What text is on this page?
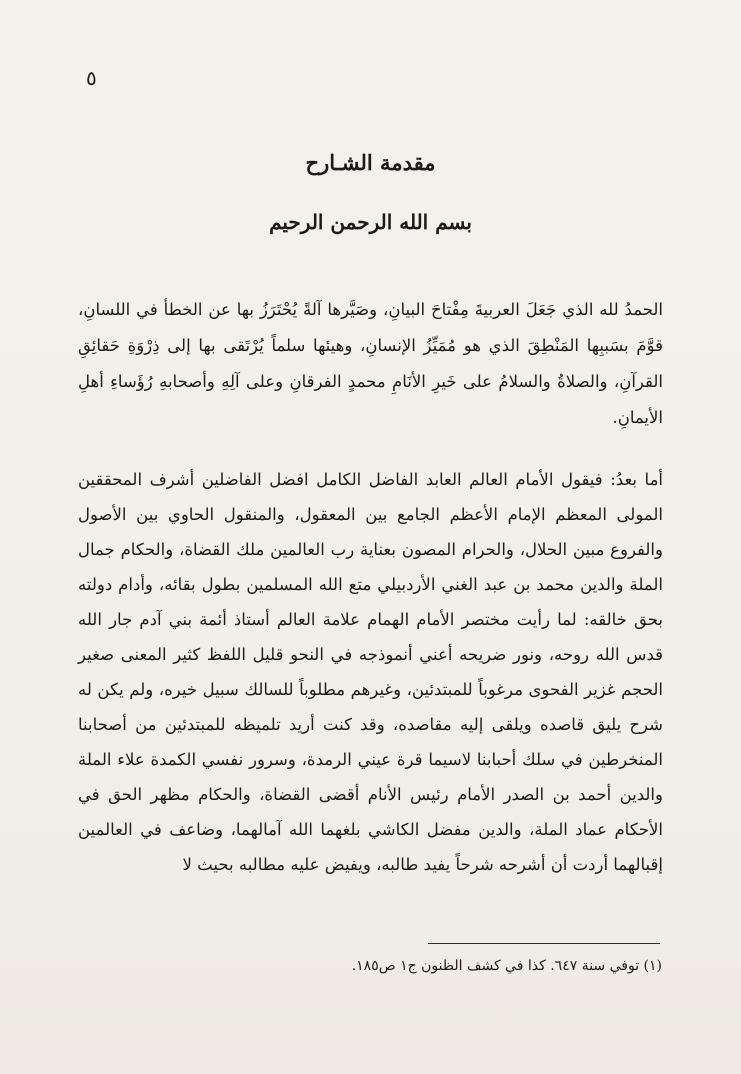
٥
مقدمة الشـارح
بسم الله الرحمن الرحيم

الحمدُ لله الذي جَعَلَ العربيةَ مِفْتاحَ البيانِ، وصَيَّرها آلةً يُحْتَرَزُ بها عن الخطأ في اللسانِ، قوَّمَ بسَببِها المَنْطِقَ الذي هو مُمَيِّزُ الإنسانِ، وهيئها سلماً يُرْتَقى بها إلى ذِرْوَةِ حَقائِقِ القرآنِ، والصلاةُ والسلامُ على خَيرِ الأنَامِ محمدٍ الفرقانِ وعلى آلِهِ وأصحابهِ رُؤَساءِ أهلِ الأيمانِ.

أما بعدُ: فيقول الأمام العالم العابد الفاضل الكامل افضل الفاضلين أشرف المحققين المولى المعظم الإمام الأعظم الجامع بين المعقول، والمنقول الحاوي بين الأصول والفروع مبين الحلال، والحرام المصون بعناية رب العالمين ملك القضاة، والحكام جمال الملة والدين محمد بن عبد الغني الأردبيلي متع الله المسلمين بطول بقائه، وأدام دولته بحق خالقه: لما رأيت مختصر الأمام الهمام علامة العالم أستاذ أئمة بني آدم جار الله قدس الله روحه، ونور ضريحه أعني أنموذجه في النحو قليل اللفظ كثير المعنى صغير الحجم غزير الفحوى مرغوباً للمبتدئين، وغيرهم مطلوباً للسالك سبيل خيره، ولم يكن له شرح يليق قاصده ويلقى إليه مقاصده، وقد كنت أريد تلميظه للمبتدئين من أصحابنا المنخرطين في سلك أحبابنا لاسيما قرة عيني الرمدة، وسرور نفسي الكمدة علاء الملة والدين أحمد بن الصدر الأمام رئيس الأنام أقضى القضاة، والحكام مظهر الحق في الأحكام عماد الملة، والدين مفضل الكاشي بلغهما الله آمالهما، وضاعف في العالمين إقبالهما أردت أن أشرحه شرحاً يفيد طالبه، ويفيض عليه مطالبه بحيث لا

(١) توفي سنة ٦٤٧. كذا في كشف الظنون ج١ ص١٨٥.
